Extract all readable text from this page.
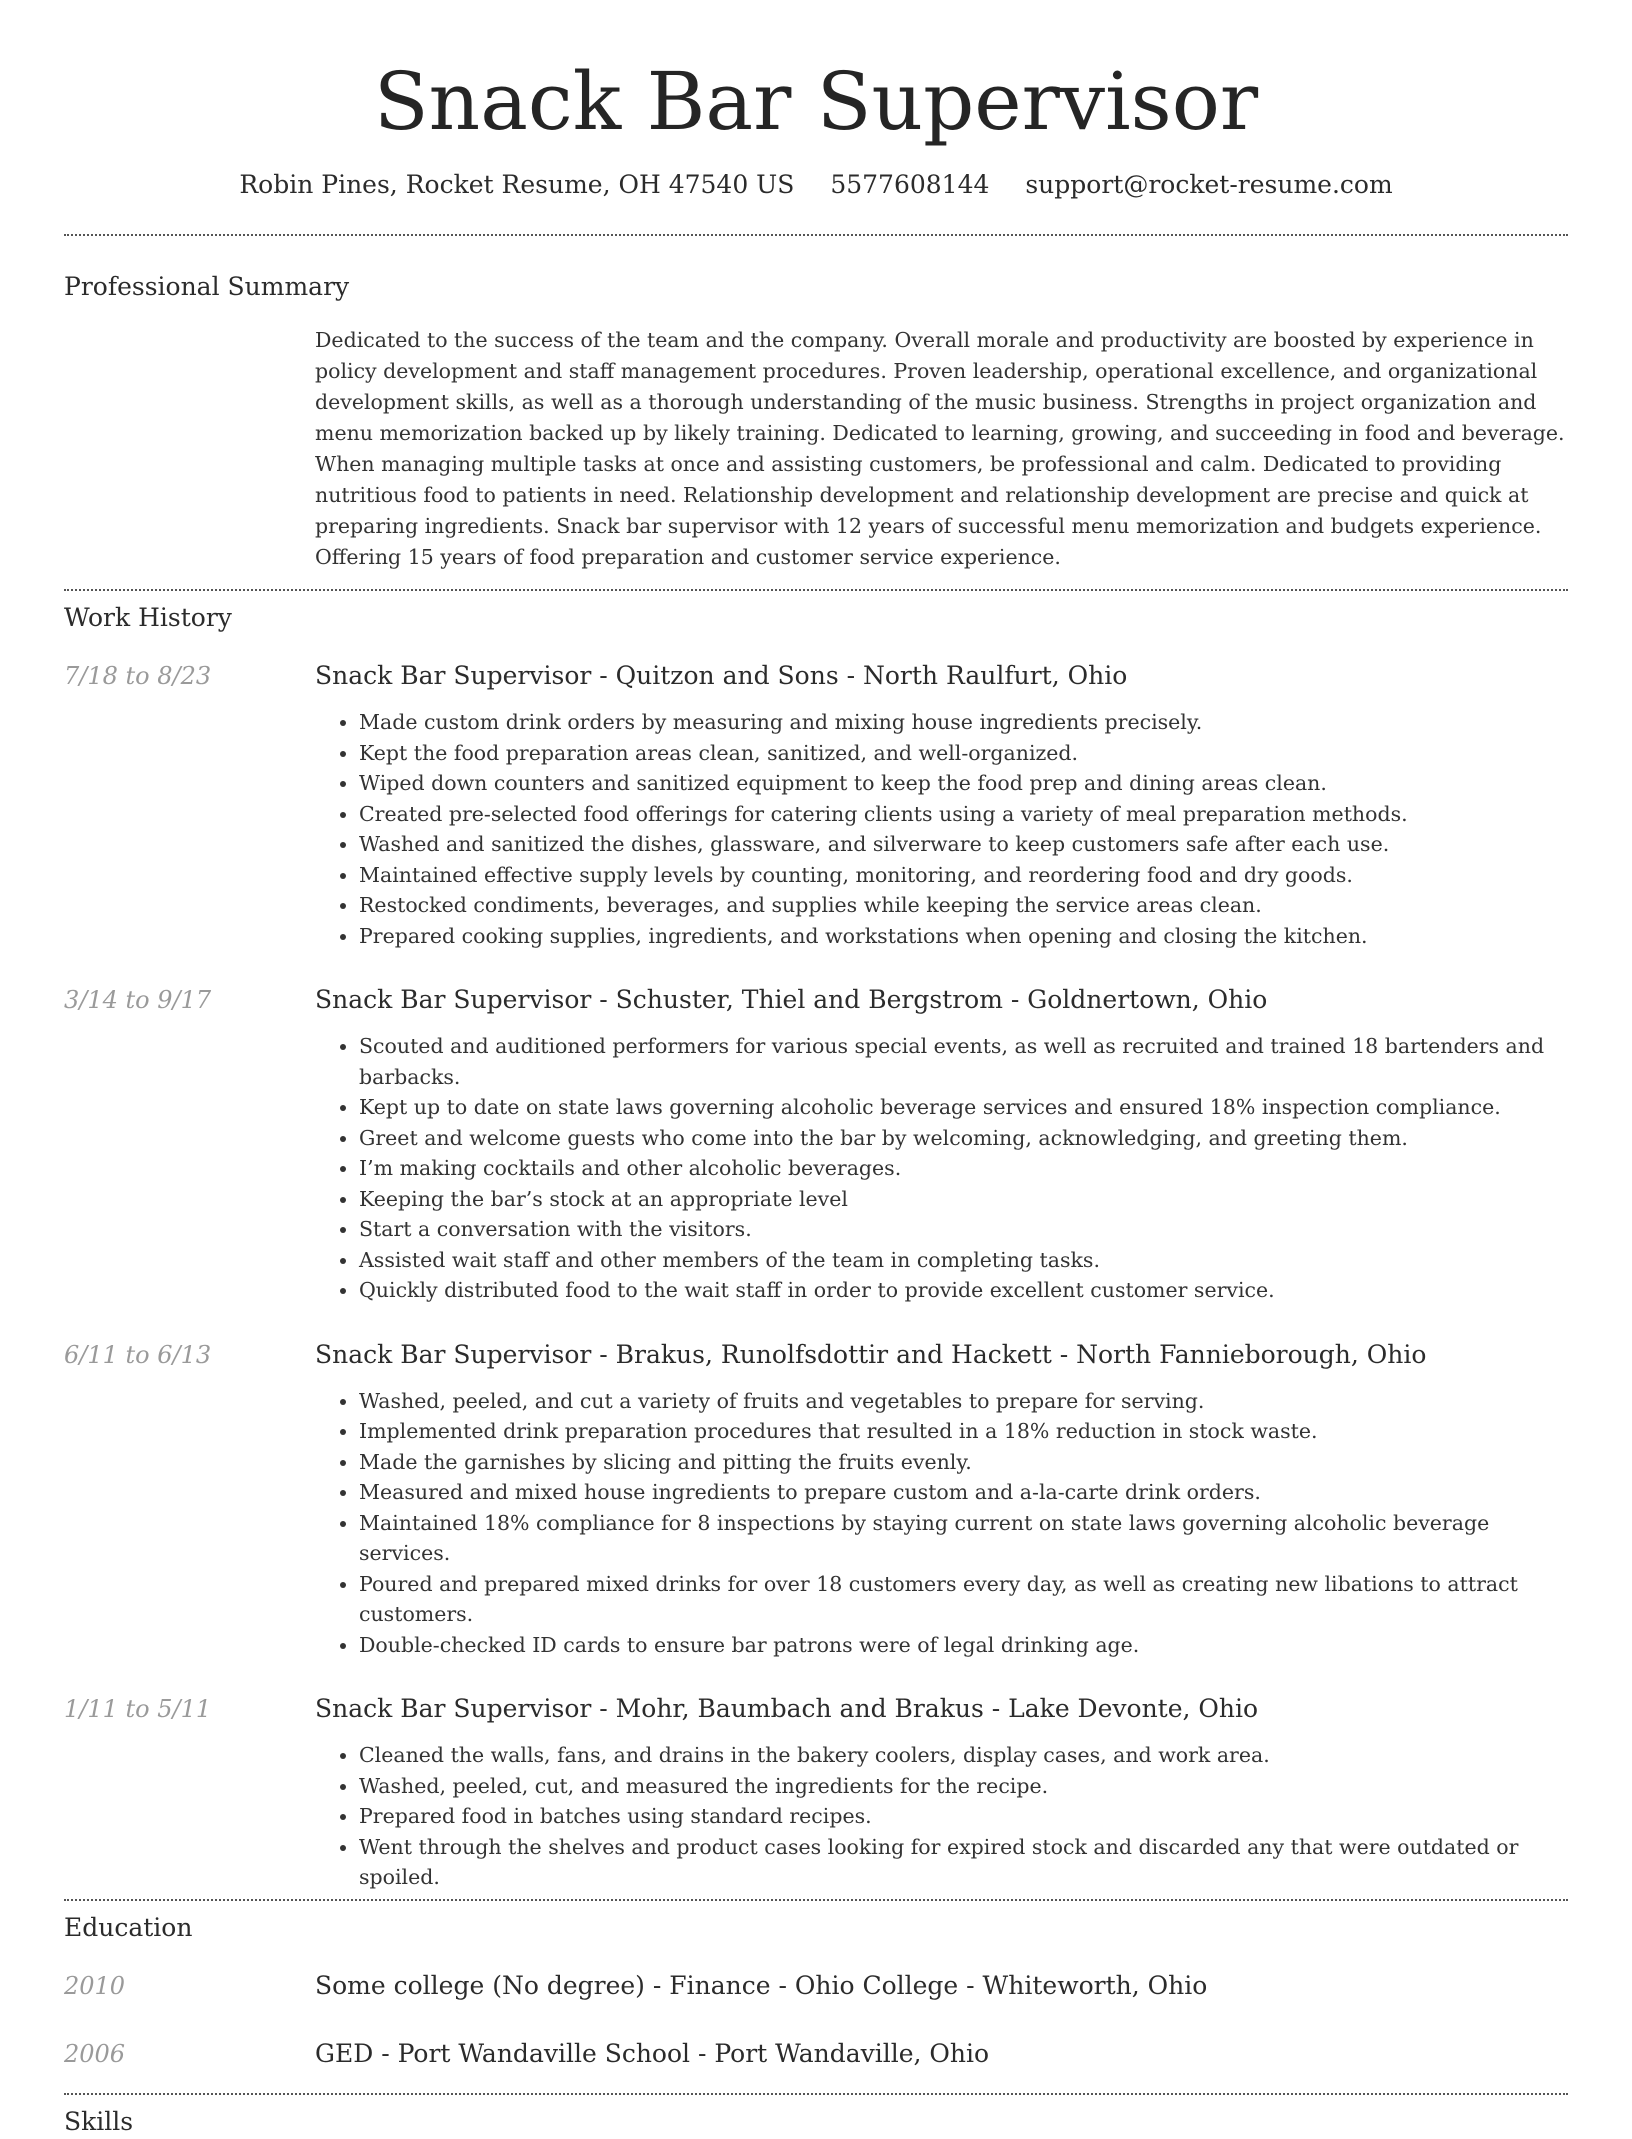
Snack Bar Supervisor
Robin Pines, Rocket Resume, OH 47540 US 5577608144 support@rocket-resume.com
Professional Summary

Dedicated to the success of the team and the company. Overall morale and productivity are boosted by experience in policy development and staff management procedures. Proven leadership, operational excellence, and organizational development skills, as well as a thorough understanding of the music business. Strengths in project organization and menu memorization backed up by likely training. Dedicated to learning, growing, and succeeding in food and beverage. When managing multiple tasks at once and assisting customers, be professional and calm. Dedicated to providing nutritious food to patients in need. Relationship development and relationship development are precise and quick at preparing ingredients. Snack bar supervisor with 12 years of successful menu memorization and budgets experience. Offering 15 years of food preparation and customer service experience.

Work History
7/18 to 8/23	Snack Bar Supervisor - Quitzon and Sons - North Raulfurt, Ohio
• Made custom drink orders by measuring and mixing house ingredients precisely.
• Kept the food preparation areas clean, sanitized, and well-organized.
• Wiped down counters and sanitized equipment to keep the food prep and dining areas clean.
• Created pre-selected food offerings for catering clients using a variety of meal preparation methods.
• Washed and sanitized the dishes, glassware, and silverware to keep customers safe after each use.
• Maintained effective supply levels by counting, monitoring, and reordering food and dry goods.
• Restocked condiments, beverages, and supplies while keeping the service areas clean.
• Prepared cooking supplies, ingredients, and workstations when opening and closing the kitchen.
3/14 to 9/17	Snack Bar Supervisor - Schuster, Thiel and Bergstrom - Goldnertown, Ohio
• Scouted and auditioned performers for various special events, as well as recruited and trained 18 bartenders and barbacks.
• Kept up to date on state laws governing alcoholic beverage services and ensured 18% inspection compliance.
• Greet and welcome guests who come into the bar by welcoming, acknowledging, and greeting them.
• I’m making cocktails and other alcoholic beverages.
• Keeping the bar’s stock at an appropriate level
• Start a conversation with the visitors.
• Assisted wait staff and other members of the team in completing tasks.
• Quickly distributed food to the wait staff in order to provide excellent customer service.
6/11 to 6/13	Snack Bar Supervisor - Brakus, Runolfsdottir and Hackett - North Fannieborough, Ohio
• Washed, peeled, and cut a variety of fruits and vegetables to prepare for serving.
• Implemented drink preparation procedures that resulted in a 18% reduction in stock waste.
• Made the garnishes by slicing and pitting the fruits evenly.
• Measured and mixed house ingredients to prepare custom and a-la-carte drink orders.
• Maintained 18% compliance for 8 inspections by staying current on state laws governing alcoholic beverage services.
• Poured and prepared mixed drinks for over 18 customers every day, as well as creating new libations to attract customers.
• Double-checked ID cards to ensure bar patrons were of legal drinking age.
1/11 to 5/11	Snack Bar Supervisor - Mohr, Baumbach and Brakus - Lake Devonte, Ohio
• Cleaned the walls, fans, and drains in the bakery coolers, display cases, and work area.
• Washed, peeled, cut, and measured the ingredients for the recipe.
• Prepared food in batches using standard recipes.
• Went through the shelves and product cases looking for expired stock and discarded any that were outdated or spoiled.
Education
2010	Some college (No degree) - Finance - Ohio College - Whiteworth, Ohio
2006	GED - Port Wandaville School - Port Wandaville, Ohio
Skills
